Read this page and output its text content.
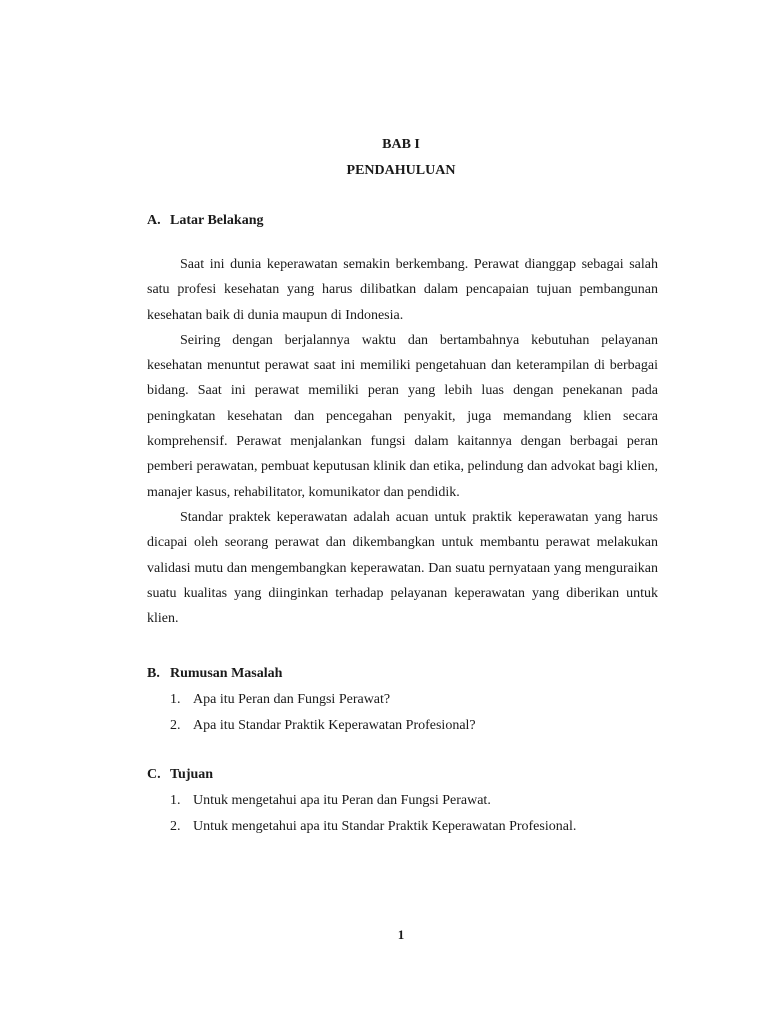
BAB I
PENDAHULUAN
A. Latar Belakang

Saat ini dunia keperawatan semakin berkembang. Perawat dianggap sebagai salah satu profesi kesehatan yang harus dilibatkan dalam pencapaian tujuan pembangunan kesehatan baik di dunia maupun di Indonesia.

Seiring dengan berjalannya waktu dan bertambahnya kebutuhan pelayanan kesehatan menuntut perawat saat ini memiliki pengetahuan dan keterampilan di berbagai bidang. Saat ini perawat memiliki peran yang lebih luas dengan penekanan pada peningkatan kesehatan dan pencegahan penyakit, juga memandang klien secara komprehensif. Perawat menjalankan fungsi dalam kaitannya dengan berbagai peran pemberi perawatan, pembuat keputusan klinik dan etika, pelindung dan advokat bagi klien, manajer kasus, rehabilitator, komunikator dan pendidik.

Standar praktek keperawatan adalah acuan untuk praktik keperawatan yang harus dicapai oleh seorang perawat dan dikembangkan untuk membantu perawat melakukan validasi mutu dan mengembangkan keperawatan. Dan suatu pernyataan yang menguraikan suatu kualitas yang diinginkan terhadap pelayanan keperawatan yang diberikan untuk klien.

B. Rumusan Masalah
1. Apa itu Peran dan Fungsi Perawat?
2. Apa itu Standar Praktik Keperawatan Profesional?
C. Tujuan
1. Untuk mengetahui apa itu Peran dan Fungsi Perawat.
2. Untuk mengetahui apa itu Standar Praktik Keperawatan Profesional.
1
